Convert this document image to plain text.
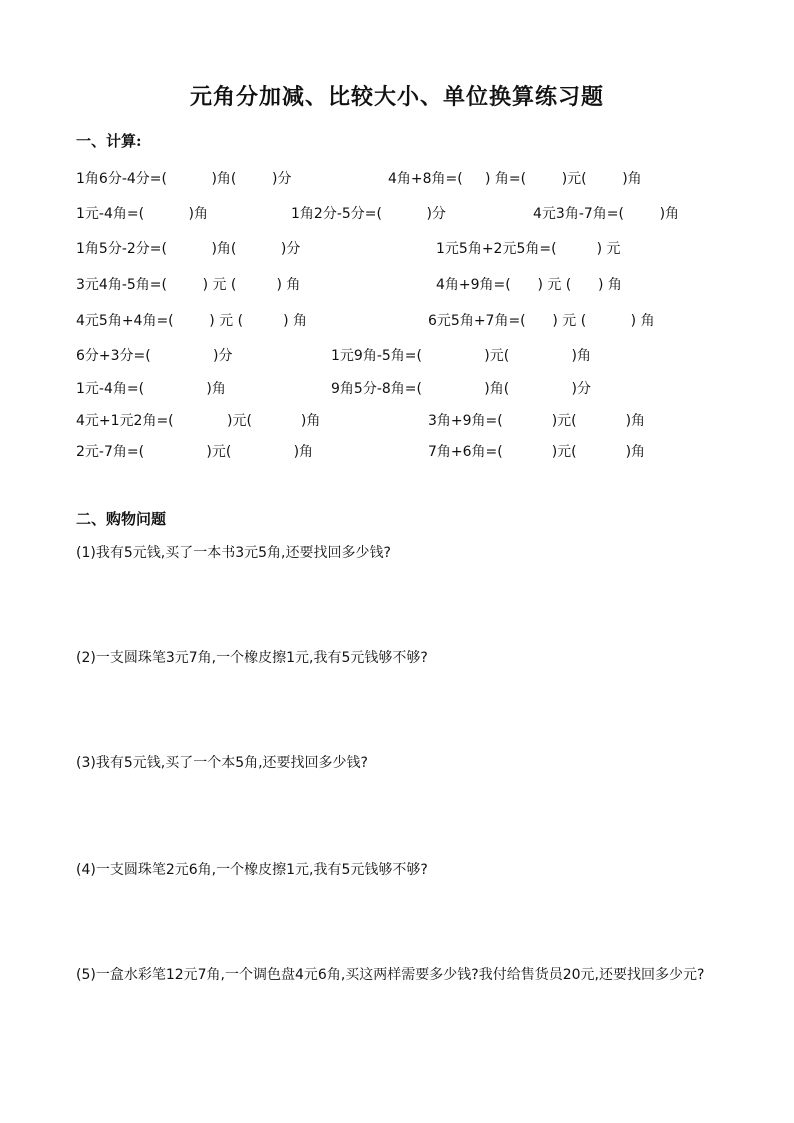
元角分加减、比较大小、单位换算练习题
一、计算:
1角6分-4分=(          )角(        )分	4角+8角=(     ) 角=(        )元(        )角
1元-4角=(          )角	1角2分-5分=(          )分	4元3角-7角=(        )角
1角5分-2分=(          )角(          )分	1元5角+2元5角=(         ) 元
3元4角-5角=(        ) 元 (         ) 角	4角+9角=(      ) 元 (      ) 角
4元5角+4角=(        ) 元 (         ) 角	6元5角+7角=(      ) 元 (          ) 角
6分+3分=(              )分	1元9角-5角=(              )元(              )角
1元-4角=(              )角	9角5分-8角=(              )角(              )分
4元+1元2角=(            )元(           )角	3角+9角=(           )元(           )角
2元-7角=(              )元(              )角	7角+6角=(           )元(           )角
二、购物问题
(1)我有5元钱,买了一本书3元5角,还要找回多少钱?
(2)一支圆珠笔3元7角,一个橡皮擦1元,我有5元钱够不够?
(3)我有5元钱,买了一个本5角,还要找回多少钱?
(4)一支圆珠笔2元6角,一个橡皮擦1元,我有5元钱够不够?
(5)一盒水彩笔12元7角,一个调色盘4元6角,买这两样需要多少钱?我付给售货员20元,还要找回多少元?
